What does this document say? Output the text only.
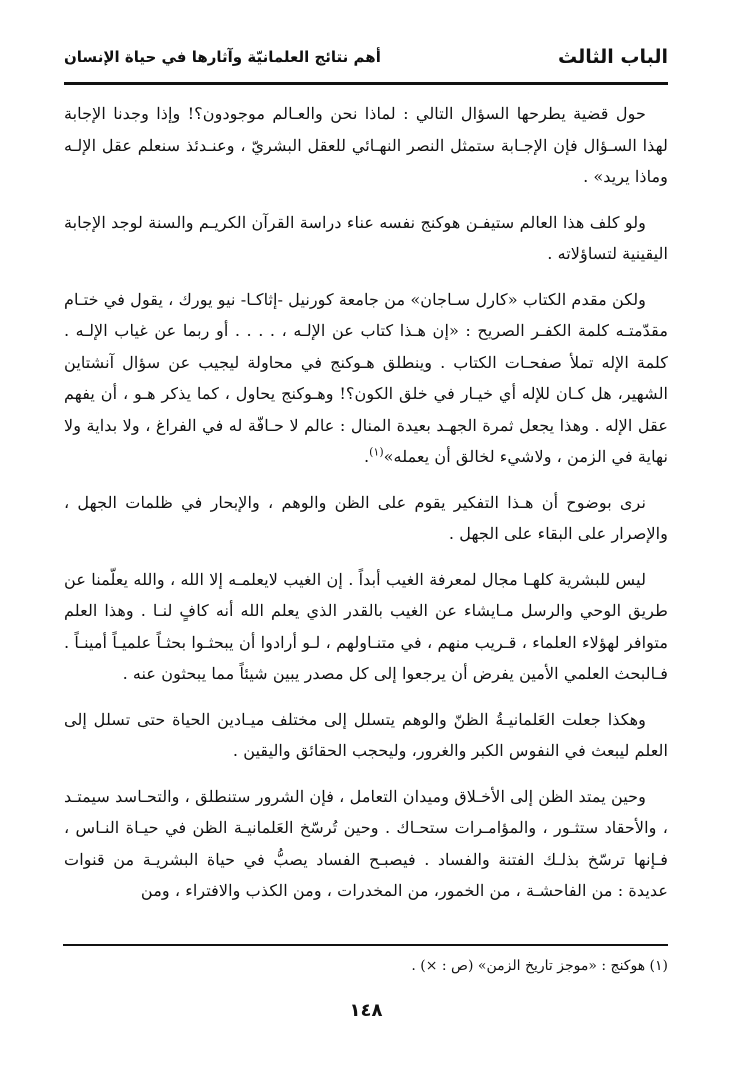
الباب الثالث
أهم نتائج العلمانيّة وآثارها في حياة الإنسان

حول قضية يطرحها السؤال التالي : لماذا نحن والعـالم موجودون؟! وإذا وجدنا الإجابة لهذا السـؤال فإن الإجـابة ستمثل النصر النهـائي للعقل البشريّ ، وعنـدئذ سنعلم عقل الإلـه وماذا يريد» .

ولو كلف هذا العالم ستيفـن هوكنج نفسه عناء دراسة القرآن الكريـم والسنة لوجد الإجابة اليقينية لتساؤلاته .

ولكن مقدم الكتاب «كارل سـاجان» من جامعة كورنيل -إثاكـا- نيو يورك ، يقول في ختـام مقدّمتـه كلمة الكفـر الصريح : «إن هـذا كتاب عن الإلـه ، . . . . أو ربما عن غياب الإلـه . كلمة الإله تملأ صفحـات الكتاب . وينطلق هـوكنج في محاولة ليجيب عن سؤال آنشتاين الشهير، هل كـان للإله أي خيـار في خلق الكون؟! وهـوكنج يحاول ، كما يذكر هـو ، أن يفهم عقل الإله . وهذا يجعل ثمرة الجهـد بعيدة المنال : عالم لا حـافّة له في الفراغ ، ولا بداية ولا نهاية في الزمن ، ولاشيء لخالق أن يعمله»$^{(١)}$.

نرى بوضوح أن هـذا التفكير يقوم على الظن والوهم ، والإبحار في ظلمات الجهل ، والإصرار على البقاء على الجهل .

ليس للبشرية كلهـا مجال لمعرفة الغيب أبداً . إن الغيب لايعلمـه إلا الله ، والله يعلّمنا عن طريق الوحي والرسل مـايشاء عن الغيب بالقدر الذي يعلم الله أنه كافٍ لنـا . وهذا العلم متوافر لهؤلاء العلماء ، قـريب منهم ، في متنـاولهم ، لـو أرادوا أن يبحثـوا بحثـاً علميـاً أمينـاً . فـالبحث العلمي الأمين يفرض أن يرجعوا إلى كل مصدر يبين شيئاً مما يبحثون عنه .

وهكذا جعلت العَلمانيـةُ الظنّ والوهم يتسلل إلى مختلف ميـادين الحياة حتى تسلل إلى العلم ليبعث في النفوس الكبر والغرور، وليحجب الحقائق واليقين .

وحين يمتد الظن إلى الأخـلاق وميدان التعامل ، فإن الشرور ستنطلق ، والتحـاسد سيمتـد ، والأحقاد ستثـور ، والمؤامـرات ستحـاك . وحين تُرسّخ العَلمانيـة الظن في حيـاة النـاس ، فـإنها ترسّخ بذلـك الفتنة والفساد . فيصبـح الفساد يصبُّ في حياة البشريـة من قنوات عديدة : من الفاحشـة ، من الخمور، من المخدرات ، ومن الكذب والافتراء ، ومن

(١) هوكنج : «موجز تاريخ الزمن» (ص : ×) .
١٤٨
